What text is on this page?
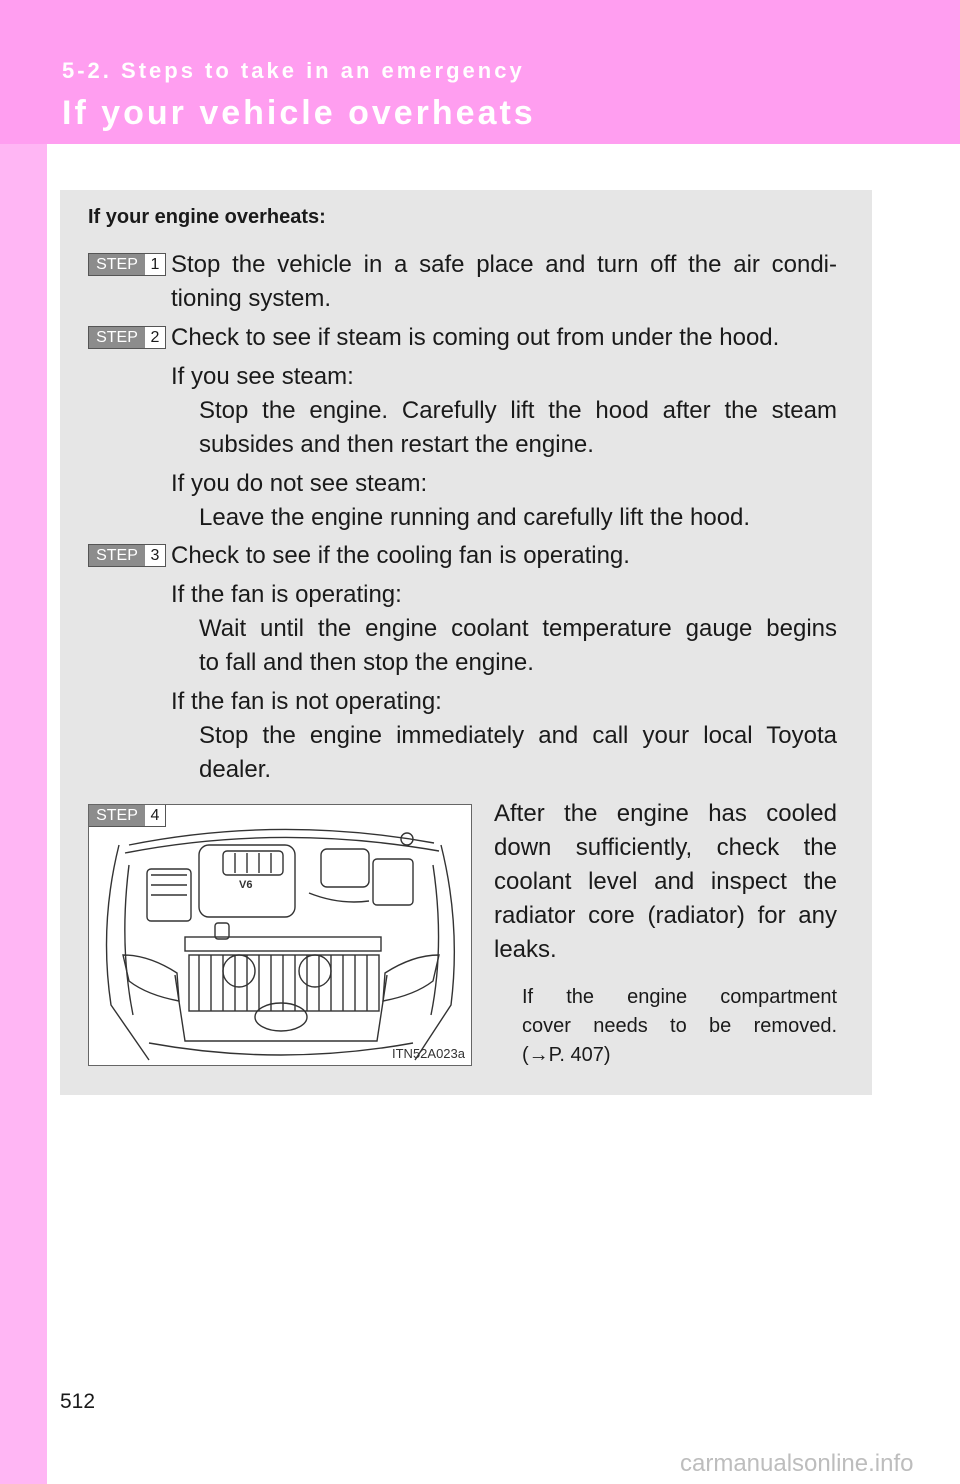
5-2. Steps to take in an emergency
If your vehicle overheats
If your engine overheats:
STEP 1 Stop the vehicle in a safe place and turn off the air condi-
tioning system.
STEP 2 Check to see if steam is coming out from under the hood.
If you see steam:
Stop the engine. Carefully lift the hood after the steam
subsides and then restart the engine.
If you do not see steam:
Leave the engine running and carefully lift the hood.
STEP 3 Check to see if the cooling fan is operating.
If the fan is operating:
Wait until the engine coolant temperature gauge begins
to fall and then stop the engine.
If the fan is not operating:
Stop the engine immediately and call your local Toyota
dealer.
STEP 4
V6
ITN52A023a
After the engine has cooled
down sufficiently, check the
coolant level and inspect the
radiator core (radiator) for any
leaks.
If the engine compartment
cover needs to be removed.
(→P. 407)
512
carmanualsonline.info
